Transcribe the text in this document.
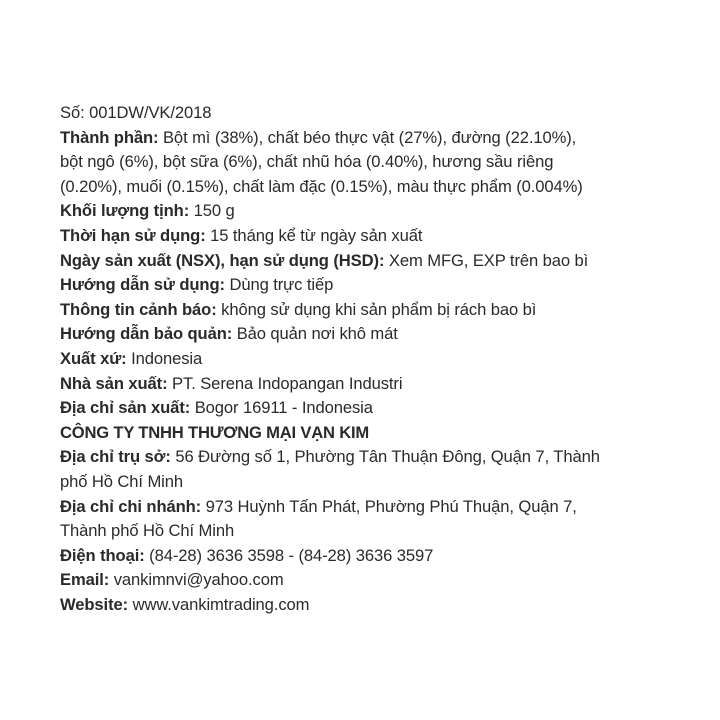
Số: 001DW/VK/2018
Thành phần: Bột mì (38%), chất béo thực vật (27%), đường (22.10%),
bột ngô (6%), bột sữa (6%), chất nhũ hóa (0.40%), hương sầu riêng
(0.20%), muối (0.15%), chất làm đặc (0.15%), màu thực phẩm (0.004%)
Khối lượng tịnh: 150 g
Thời hạn sử dụng: 15 tháng kể từ ngày sản xuất
Ngày sản xuất (NSX), hạn sử dụng (HSD): Xem MFG, EXP trên bao bì
Hướng dẫn sử dụng: Dùng trực tiếp
Thông tin cảnh báo: không sử dụng khi sản phẩm bị rách bao bì
Hướng dẫn bảo quản: Bảo quản nơi khô mát
Xuất xứ: Indonesia
Nhà sản xuất: PT. Serena Indopangan Industri
Địa chỉ sản xuất: Bogor 16911 - Indonesia
CÔNG TY TNHH THƯƠNG MẠI VẠN KIM
Địa chỉ trụ sở: 56 Đường số 1, Phường Tân Thuận Đông, Quận 7, Thành
phố Hồ Chí Minh
Địa chỉ chi nhánh: 973 Huỳnh Tấn Phát, Phường Phú Thuận, Quận 7,
Thành phố Hồ Chí Minh
Điện thoại: (84-28) 3636 3598 - (84-28) 3636 3597
Email: vankimnvi@yahoo.com
Website: www.vankimtrading.com
